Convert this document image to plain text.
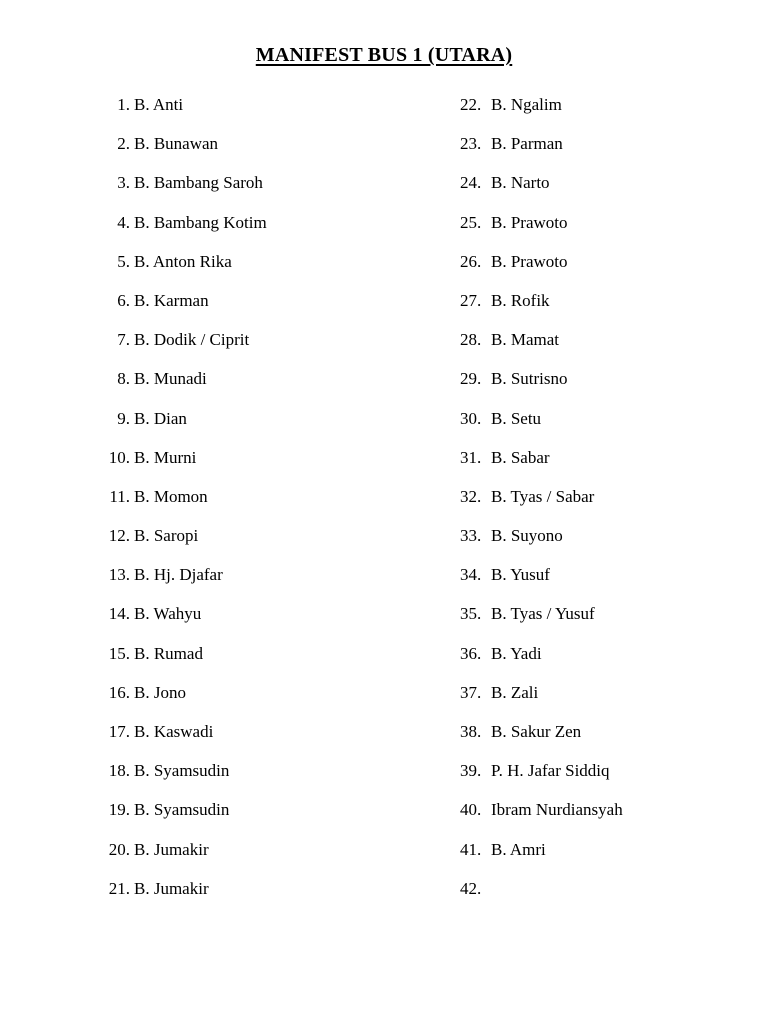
MANIFEST BUS 1 (UTARA)
1. B. Anti
2. B. Bunawan
3. B. Bambang Saroh
4. B. Bambang Kotim
5. B. Anton Rika
6. B. Karman
7. B. Dodik / Ciprit
8. B. Munadi
9. B. Dian
10. B. Murni
11. B. Momon
12. B. Saropi
13. B. Hj. Djafar
14. B. Wahyu
15. B. Rumad
16. B. Jono
17. B. Kaswadi
18. B. Syamsudin
19. B. Syamsudin
20. B. Jumakir
21. B. Jumakir
22. B. Ngalim
23. B. Parman
24. B. Narto
25. B. Prawoto
26. B. Prawoto
27. B. Rofik
28. B. Mamat
29. B. Sutrisno
30. B. Setu
31. B. Sabar
32. B. Tyas / Sabar
33. B. Suyono
34. B. Yusuf
35. B. Tyas / Yusuf
36. B. Yadi
37. B. Zali
38. B. Sakur Zen
39. P. H. Jafar Siddiq
40. Ibram Nurdiansyah
41. B. Amri
42.
